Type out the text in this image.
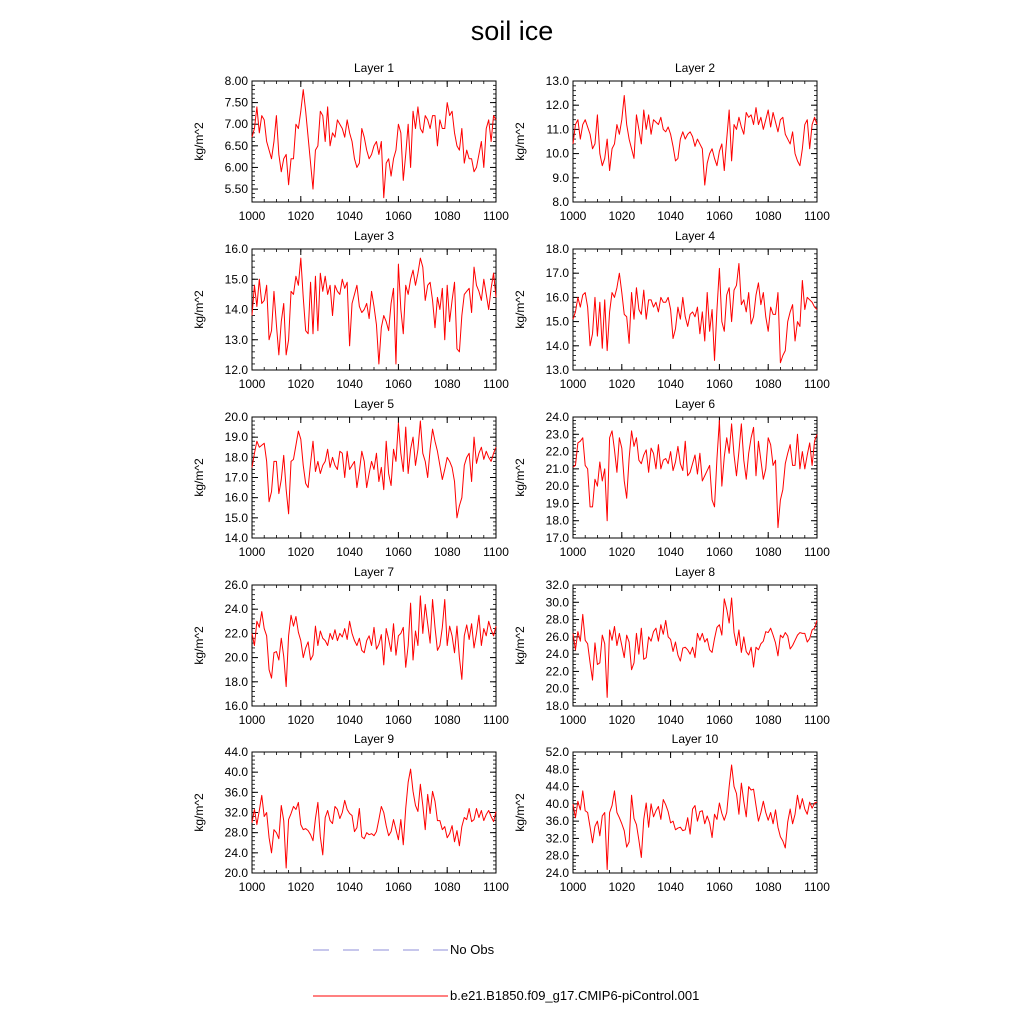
soil ice
1000 1020 1040 1060 1080 1100
5.50
6.00
6.50
7.00
7.50
8.00
Layer 1
kg/m^2
1000 1020 1040 1060 1080 1100
8.0
9.0
10.0
11.0
12.0
13.0
Layer 2
kg/m^2
1000 1020 1040 1060 1080 1100
12.0
13.0
14.0
15.0
16.0
Layer 3
kg/m^2
1000 1020 1040 1060 1080 1100
13.0
14.0
15.0
16.0
17.0
18.0
Layer 4
kg/m^2
1000 1020 1040 1060 1080 1100
14.0
15.0
16.0
17.0
18.0
19.0
20.0
Layer 5
kg/m^2
1000 1020 1040 1060 1080 1100
17.0
18.0
19.0
20.0
21.0
22.0
23.0
24.0
Layer 6
kg/m^2
1000 1020 1040 1060 1080 1100
16.0
18.0
20.0
22.0
24.0
26.0
Layer 7
kg/m^2
1000 1020 1040 1060 1080 1100
18.0
20.0
22.0
24.0
26.0
28.0
30.0
32.0
Layer 8
kg/m^2
1000 1020 1040 1060 1080 1100
20.0
24.0
28.0
32.0
36.0
40.0
44.0
Layer 9
kg/m^2
1000 1020 1040 1060 1080 1100
24.0
28.0
32.0
36.0
40.0
44.0
48.0
52.0
Layer 10
kg/m^2
No Obs
b.e21.B1850.f09_g17.CMIP6-piControl.001
